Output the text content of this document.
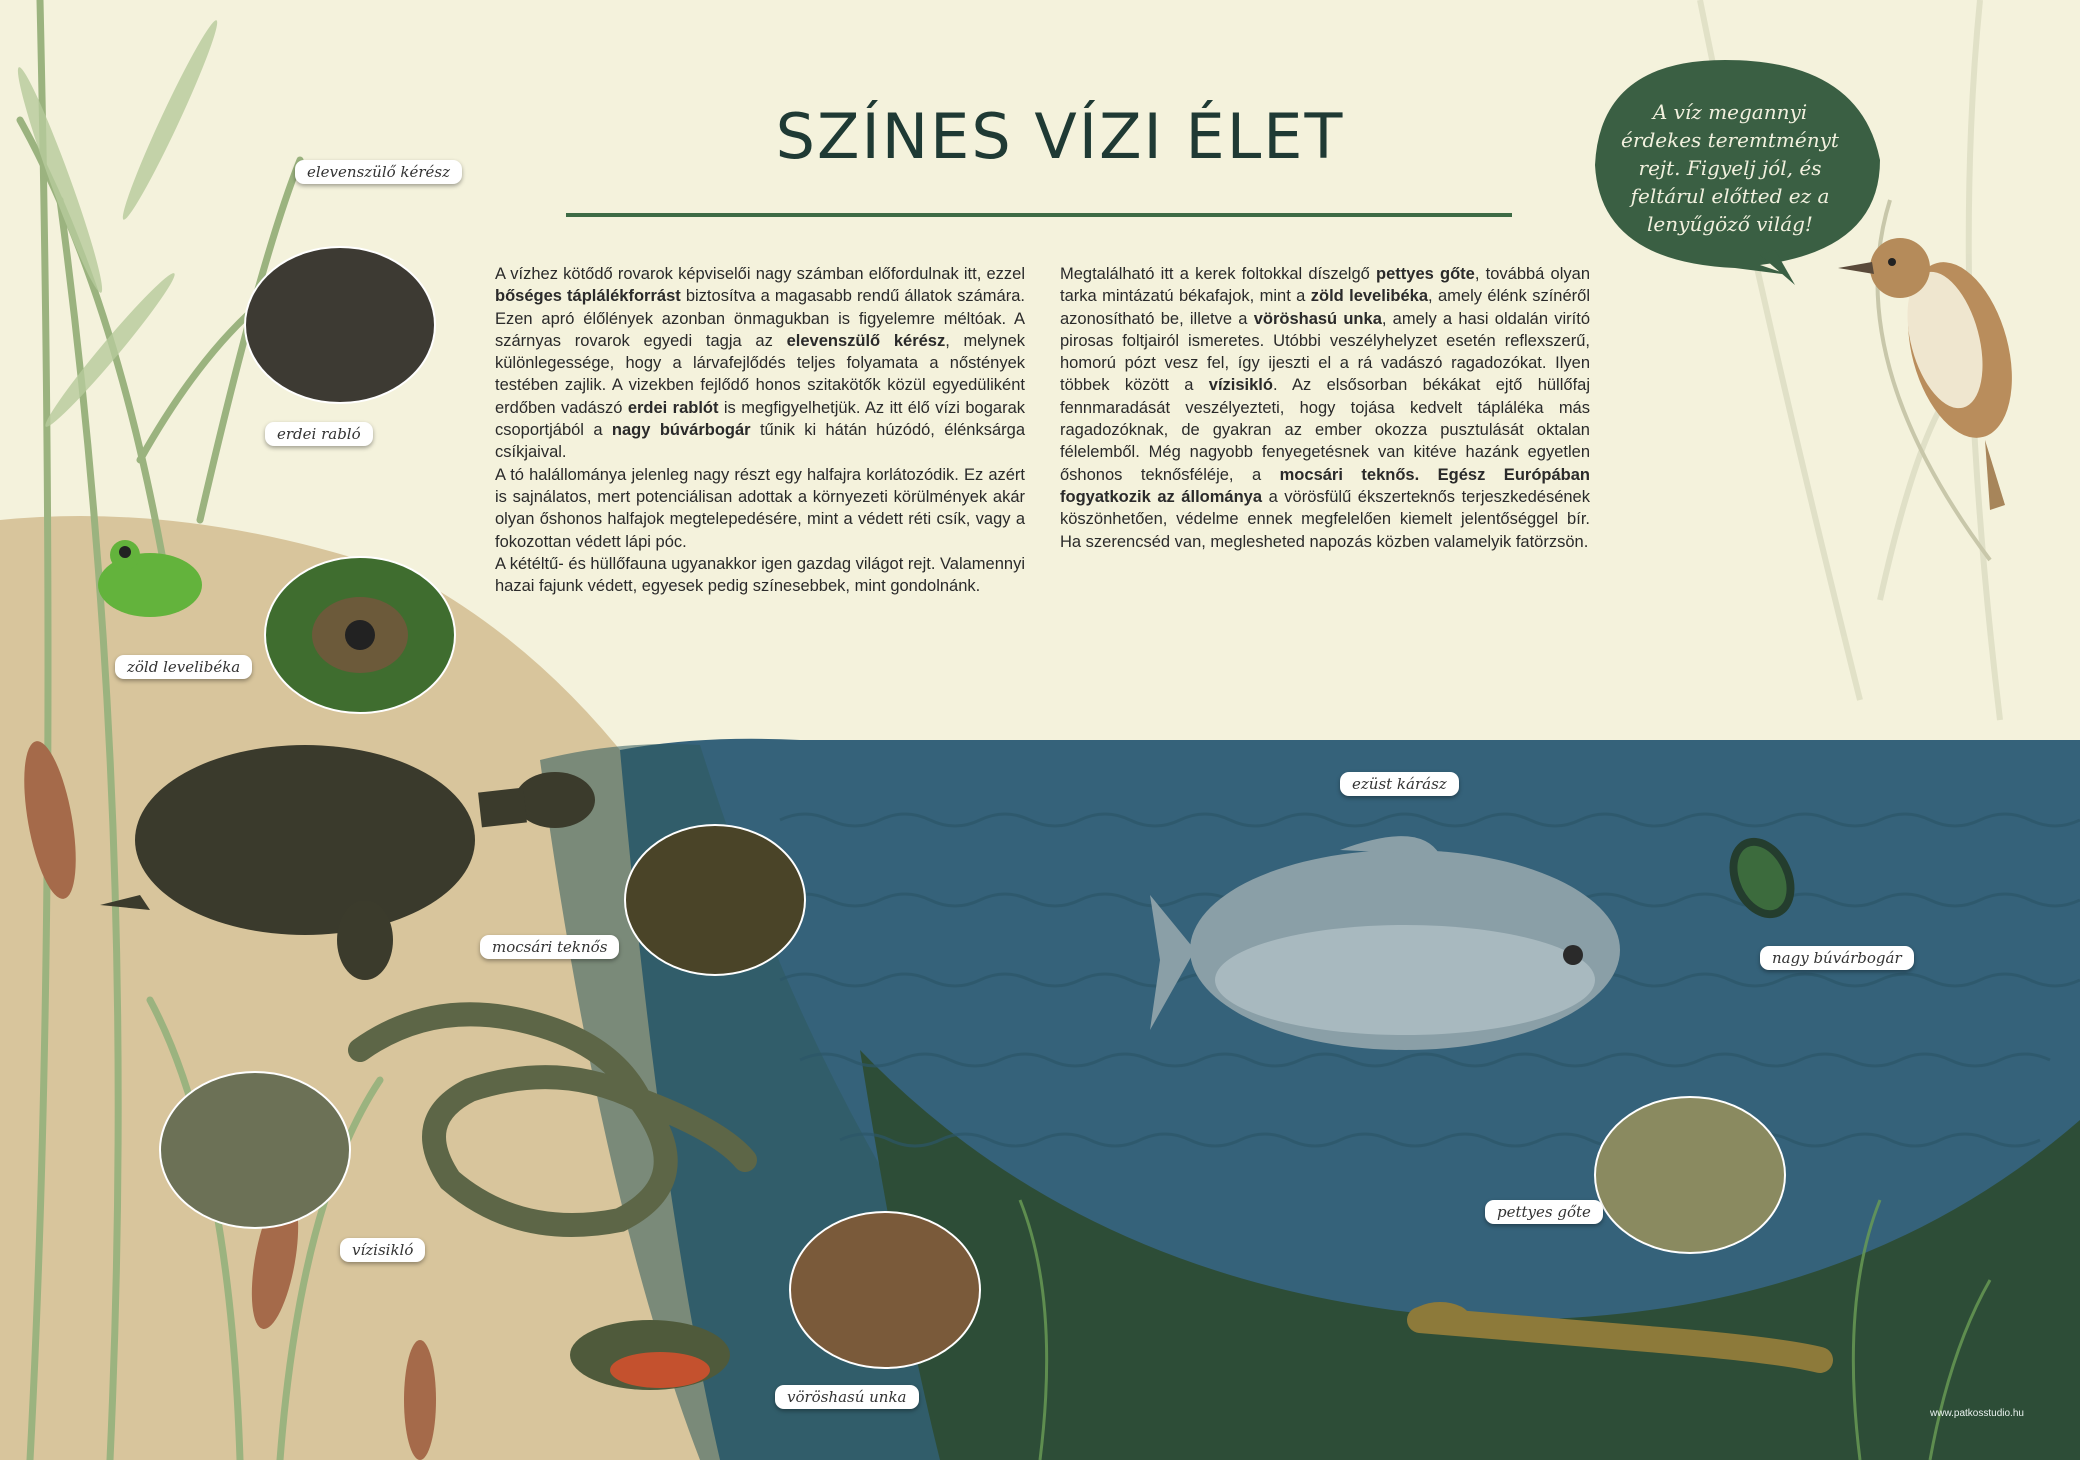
SZÍNES VÍZI ÉLET

A vízhez kötődő rovarok képviselői nagy számban előfordulnak itt, ezzel bőséges táplálékforrást biztosítva a magasabb rendű állatok számára. Ezen apró élőlények azonban önmagukban is figyelemre méltóak. A szárnyas rovarok egyedi tagja az elevenszülő kérész, melynek különlegessége, hogy a lárvafejlődés teljes folyamata a nőstények testében zajlik. A vizekben fejlődő honos szitakötők közül egyedüliként erdőben vadászó erdei rablót is megfigyelhetjük. Az itt élő vízi bogarak csoportjából a nagy búvárbogár tűnik ki hátán húzódó, élénksárga csíkjaival.

A tó halállománya jelenleg nagy részt egy halfajra korlátozódik. Ez azért is sajnálatos, mert potenciálisan adottak a környezeti körülmények akár olyan őshonos halfajok megtelepedésére, mint a védett réti csík, vagy a fokozottan védett lápi póc.

A kétéltű- és hüllőfauna ugyanakkor igen gazdag világot rejt. Valamennyi hazai fajunk védett, egyesek pedig színesebbek, mint gondolnánk.

Megtalálható itt a kerek foltokkal díszelgő pettyes gőte, továbbá olyan tarka mintázatú békafajok, mint a zöld levelibéka, amely élénk színéről azonosítható be, illetve a vöröshasú unka, amely a hasi oldalán virító pirosas foltjairól ismeretes. Utóbbi veszélyhelyzet esetén reflexszerű, homorú pózt vesz fel, így ijeszti el a rá vadászó ragadozókat. Ilyen többek között a vízisikló. Az elsősorban békákat ejtő hüllőfaj fennmaradását veszélyezteti, hogy tojása kedvelt tápláléka más ragadozóknak, de gyakran az ember okozza pusztulását oktalan félelemből. Még nagyobb fenyegetésnek van kitéve hazánk egyetlen őshonos teknősféléje, a mocsári teknős. Egész Európában fogyatkozik az állománya a vörösfülű ékszerteknős terjeszkedésének köszönhetően, védelme ennek megfelelően kiemelt jelentőséggel bír. Ha szerencséd van, meglesheted napozás közben valamelyik fatörzsön.

A víz megannyi érdekes teremtményt rejt. Figyelj jól, és feltárul előtted ez a lenyűgöző világ!
elevenszülő kérész
erdei rabló
zöld levelibéka
mocsári teknős
vízisikló
vöröshasú unka
ezüst kárász
nagy búvárbogár
pettyes gőte
www.patkosstudio.hu
